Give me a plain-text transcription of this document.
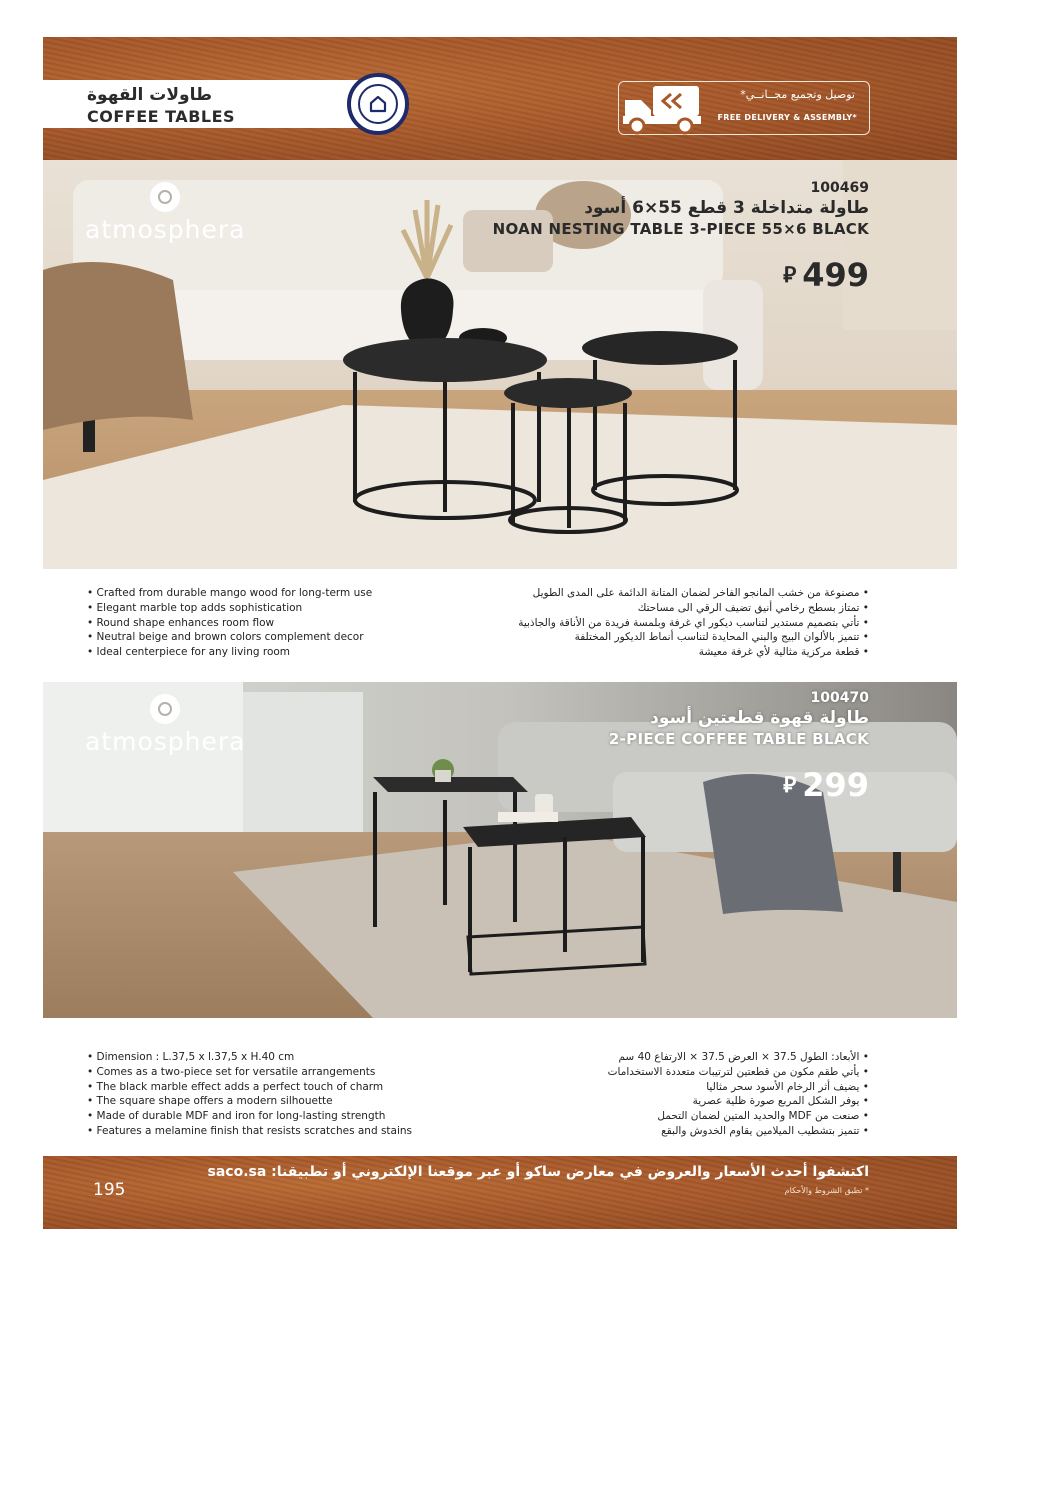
طاولات القهوة
COFFEE TABLES
توصيل وتجميع مجــانــي*
FREE DELIVERY & ASSEMBLY*
atmosphera
100469
طاولة متداخلة 3 قطع 55×6 أسود
NOAN NESTING TABLE 3-PIECE 55×6 BLACK
⃁ 499
• Crafted from durable mango wood for long-term use
• Elegant marble top adds sophistication
• Round shape enhances room flow
• Neutral beige and brown colors complement decor
• Ideal centerpiece for any living room
• مصنوعة من خشب المانجو الفاخر لضمان المتانة الدائمة على المدى الطويل
• تمتاز بسطح رخامي أنيق تضيف الرقي الى مساحتك
• تأتي بتصميم مستدير لتناسب ديكور اي غرفة وبلمسة فريدة من الأناقة والجاذبية
• تتميز بالألوان البيج والبني المحايدة لتناسب أنماط الديكور المختلفة
• قطعة مركزية مثالية لأي غرفة معيشة
atmosphera
100470
طاولة قهوة قطعتين أسود
2-PIECE COFFEE TABLE BLACK
⃁ 299
• Dimension : L.37,5 x l.37,5 x H.40 cm
• Comes as a two-piece set for versatile arrangements
• The black marble effect adds a perfect touch of charm
• The square shape offers a modern silhouette
• Made of durable MDF and iron for long-lasting strength
• Features a melamine finish that resists scratches and stains
• الأبعاد: الطول 37.5 × العرض 37.5 × الارتفاع 40 سم
• يأتي طقم مكون من قطعتين لترتيبات متعددة الاستخدامات
• يضيف أثر الرخام الأسود سحر مثاليا
• يوفر الشكل المربع صورة ظلية عصرية
• صنعت من MDF والحديد المتين لضمان التحمل
• تتميز بتشطيب الميلامين يقاوم الخدوش والبقع
195
اكتشفوا أحدث الأسعار والعروض في معارض ساكو أو عبر موقعنا الإلكتروني أو تطبيقنا: saco.sa
* تطبق الشروط والأحكام
